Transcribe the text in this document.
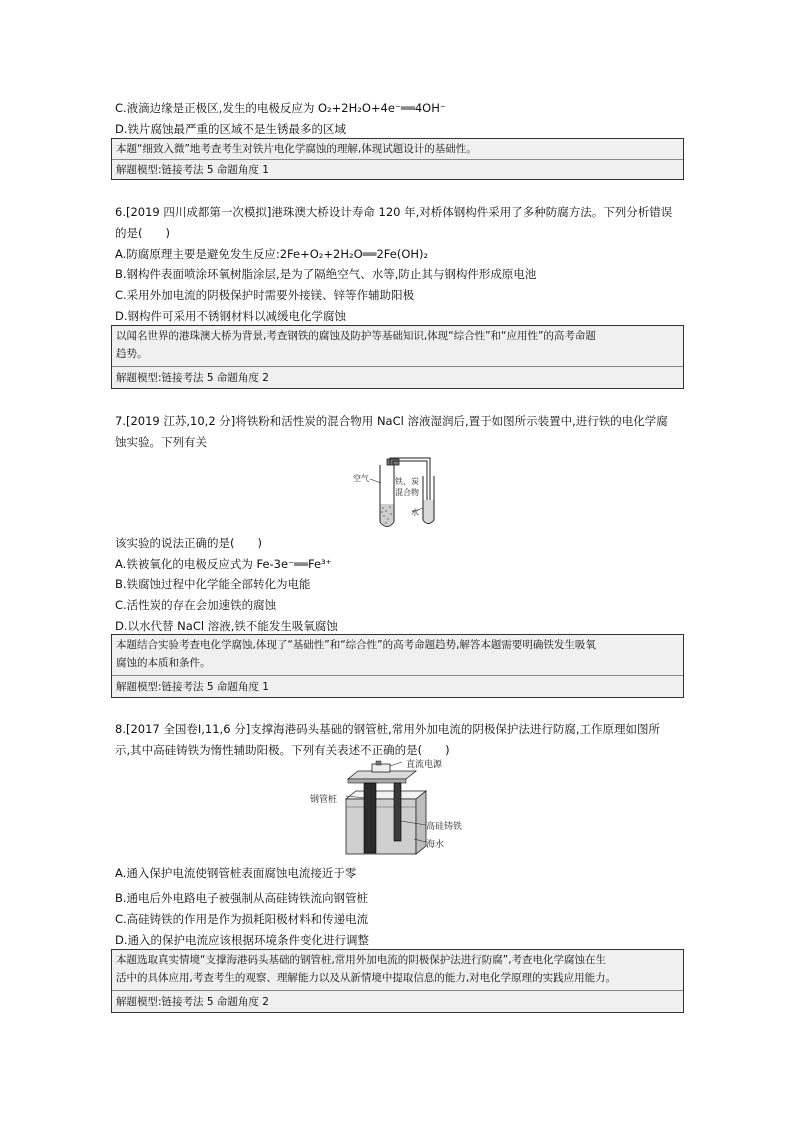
C.液滴边缘是正极区,发生的电极反应为 O₂+2H₂O+4e⁻══4OH⁻
D.铁片腐蚀最严重的区域不是生锈最多的区域
本题“细致入微”地考查考生对铁片电化学腐蚀的理解,体现试题设计的基础性。
解题模型:链接考法 5 命题角度 1
6.[2019 四川成都第一次模拟]港珠澳大桥设计寿命 120 年,对桥体钢构件采用了多种防腐方法。下列分析错误
的是(　　)
A.防腐原理主要是避免发生反应:2Fe+O₂+2H₂O══2Fe(OH)₂
B.钢构件表面喷涂环氧树脂涂层,是为了隔绝空气、水等,防止其与钢构件形成原电池
C.采用外加电流的阴极保护时需要外接镁、锌等作辅助阳极
D.钢构件可采用不锈钢材料以减缓电化学腐蚀
以闻名世界的港珠澳大桥为背景,考查钢铁的腐蚀及防护等基础知识,体现“综合性”和“应用性”的高考命题
趋势。
解题模型:链接考法 5 命题角度 2
7.[2019 江苏,10,2 分]将铁粉和活性炭的混合物用 NaCl 溶液湿润后,置于如图所示装置中,进行铁的电化学腐
蚀实验。下列有关
空气	铁、炭
混合物
水
该实验的说法正确的是(　　)
A.铁被氧化的电极反应式为 Fe-3e⁻══Fe³⁺
B.铁腐蚀过程中化学能全部转化为电能
C.活性炭的存在会加速铁的腐蚀
D.以水代替 NaCl 溶液,铁不能发生吸氧腐蚀
本题结合实验考查电化学腐蚀,体现了“基础性”和“综合性”的高考命题趋势,解答本题需要明确铁发生吸氧
腐蚀的本质和条件。
解题模型:链接考法 5 命题角度 1
8.[2017 全国卷Ⅰ,11,6 分]支撑海港码头基础的钢管桩,常用外加电流的阴极保护法进行防腐,工作原理如图所
示,其中高硅铸铁为惰性辅助阳极。下列有关表述不正确的是(　　)
直流电源
钢管桩
高硅铸铁
海水
A.通入保护电流使钢管桩表面腐蚀电流接近于零
B.通电后外电路电子被强制从高硅铸铁流向钢管桩
C.高硅铸铁的作用是作为损耗阳极材料和传递电流
D.通入的保护电流应该根据环境条件变化进行调整
本题选取真实情境“支撑海港码头基础的钢管桩,常用外加电流的阴极保护法进行防腐”,考查电化学腐蚀在生
活中的具体应用,考查考生的观察、理解能力以及从新情境中提取信息的能力,对电化学原理的实践应用能力。
解题模型:链接考法 5 命题角度 2
